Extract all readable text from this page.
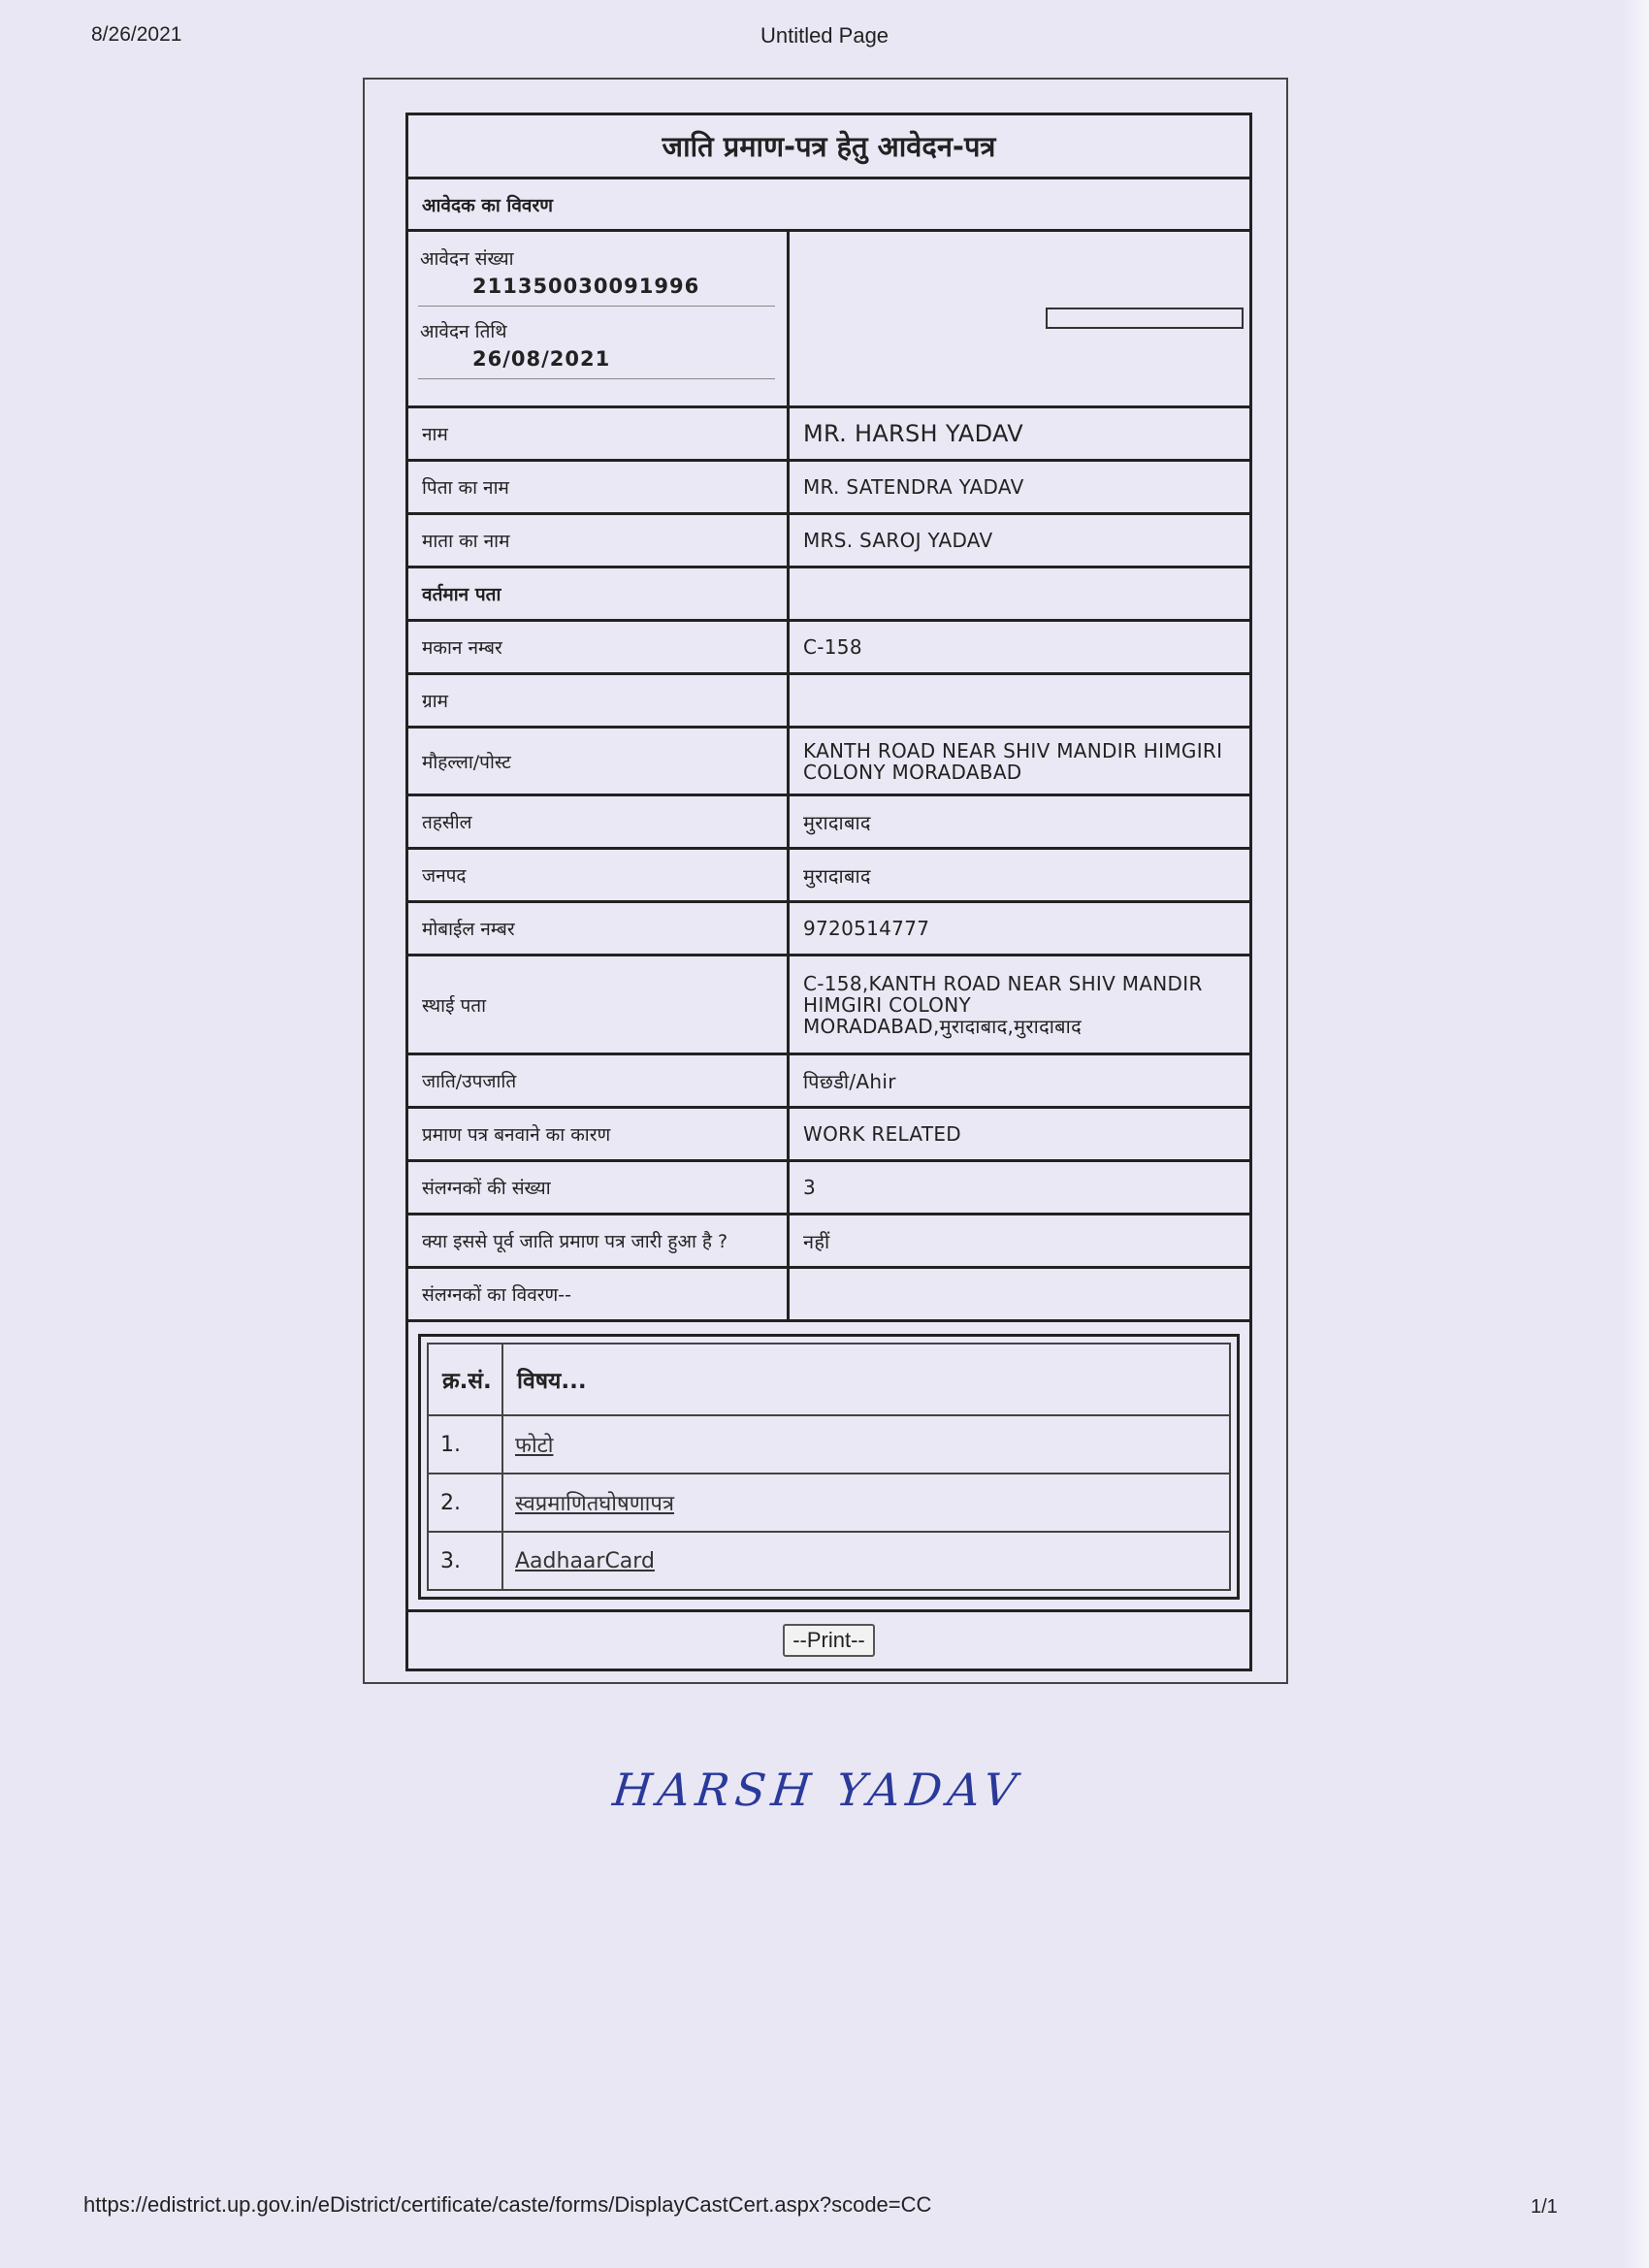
8/26/2021	Untitled Page
जाति प्रमाण-पत्र हेतु आवेदन-पत्र
आवेदक का विवरण
आवेदन संख्या
211350030091996
आवेदन तिथि
26/08/2021
नाम	MR. HARSH YADAV
पिता का नाम	MR. SATENDRA YADAV
माता का नाम	MRS. SAROJ YADAV
वर्तमान पता
मकान नम्बर	C-158
ग्राम
मौहल्ला/पोस्ट	KANTH ROAD NEAR SHIV MANDIR HIMGIRI COLONY MORADABAD
तहसील	मुरादाबाद
जनपद	मुरादाबाद
मोबाईल नम्बर	9720514777
स्थाई पता
C-158,KANTH ROAD NEAR SHIV MANDIR HIMGIRI COLONY
MORADABAD,मुरादाबाद,मुरादाबाद
जाति/उपजाति	पिछडी/Ahir
प्रमाण पत्र बनवाने का कारण	WORK RELATED
संलग्नकों की संख्या	3
क्या इससे पूर्व जाति प्रमाण पत्र जारी हुआ है ?	नहीं
संलग्नकों का विवरण--
क्र.सं.	विषय...
1.	फोटो
2.	स्वप्रमाणितघोषणापत्र
3.	AadhaarCard
--Print--
HARSH YADAV
https://edistrict.up.gov.in/eDistrict/certificate/caste/forms/DisplayCastCert.aspx?scode=CC	1/1
